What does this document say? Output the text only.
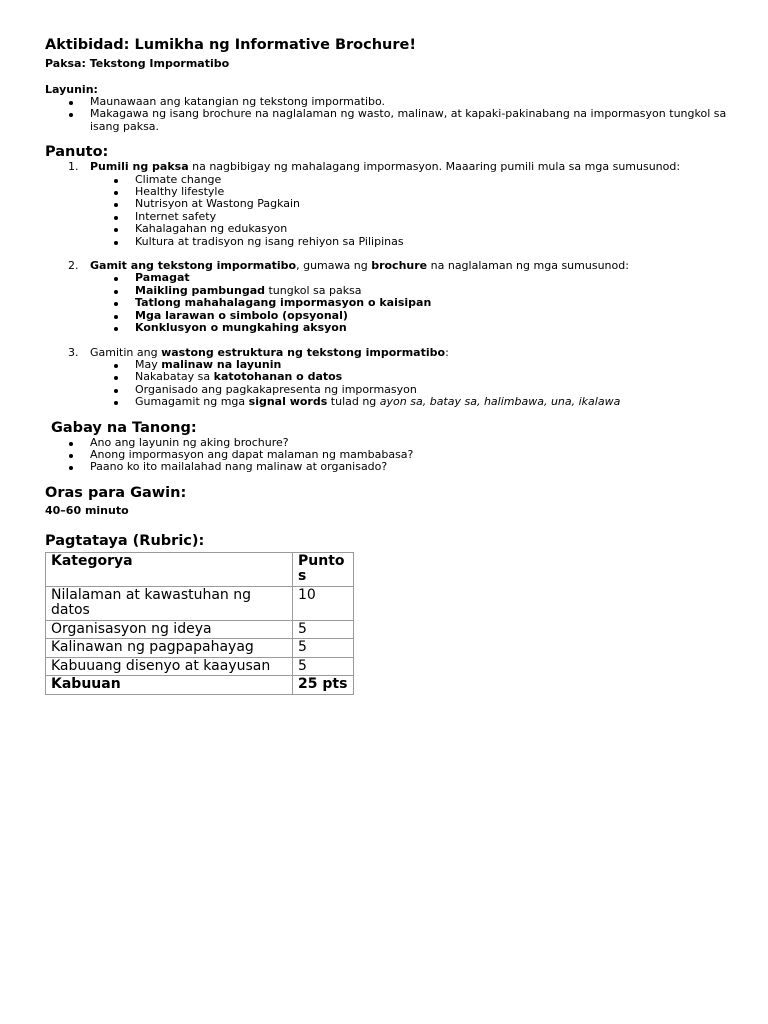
Aktibidad: Lumikha ng Informative Brochure!
Paksa: Tekstong Impormatibo
Layunin:
Maunawaan ang katangian ng tekstong impormatibo.
Makagawa ng isang brochure na naglalaman ng wasto, malinaw, at kapaki-pakinabang na impormasyon tungkol sa isang paksa.
Panuto:
1. Pumili ng paksa na nagbibigay ng mahalagang impormasyon. Maaaring pumili mula sa mga sumusunod:
Climate change
Healthy lifestyle
Nutrisyon at Wastong Pagkain
Internet safety
Kahalagahan ng edukasyon
Kultura at tradisyon ng isang rehiyon sa Pilipinas
2. Gamit ang tekstong impormatibo, gumawa ng brochure na naglalaman ng mga sumusunod:
Pamagat
Maikling pambungad tungkol sa paksa
Tatlong mahahalagang impormasyon o kaisipan
Mga larawan o simbolo (opsyonal)
Konklusyon o mungkahing aksyon
3. Gamitin ang wastong estruktura ng tekstong impormatibo:
May malinaw na layunin
Nakabatay sa katotohanan o datos
Organisado ang pagkakapresenta ng impormasyon
Gumagamit ng mga signal words tulad ng ayon sa, batay sa, halimbawa, una, ikalawa
Gabay na Tanong:
Ano ang layunin ng aking brochure?
Anong impormasyon ang dapat malaman ng mambabasa?
Paano ko ito mailalahad nang malinaw at organisado?
Oras para Gawin:
40–60 minuto
Pagtataya (Rubric):
Kategorya	Puntos
Nilalaman at kawastuhan ng datos	10
Organisasyon ng ideya	5
Kalinawan ng pagpapahayag	5
Kabuuang disenyo at kaayusan	5
Kabuuan	25 pts
